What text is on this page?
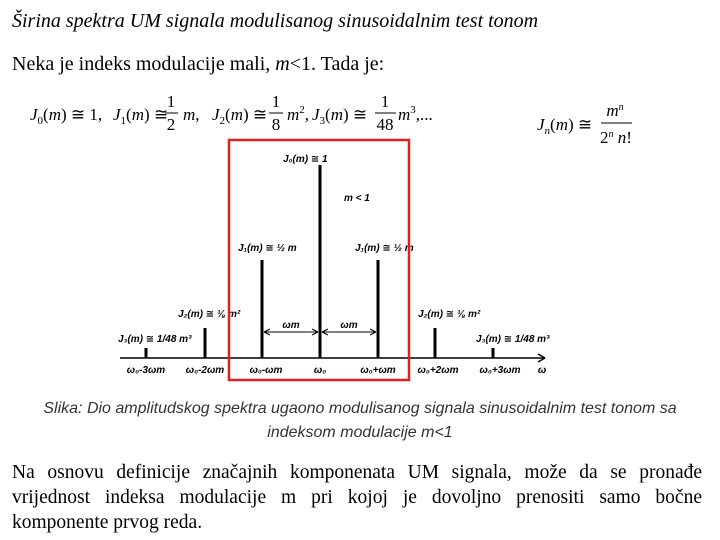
Širina spektra UM signala modulisanog sinusoidalnim test tonom
Neka je indeks modulacije mali, m<1. Tada je:
$J_0(m)$ ≅ 1, $J_1(m)$ ≅
1
2
m, $J_2(m)$ ≅
1
8
$m^2$, $J_3(m)$ ≅
1
48
$m^3$,...
$J_n(m)$ ≅
$m^n$
2$^n$ n!
J₀(m) ≅ 1
m < 1
J₁(m) ≅ ½ m	J₁(m) ≅ ½ m
J₂(m) ≅ ⅛ m²	J₂(m) ≅ ⅛ m²
J₃(m) ≅ 1/48 m³	J₃(m) ≅ 1/48 m³
ωm	ωm
ω₀-3ωm ω₀-2ωm	ω₀-ωm	ω₀	ω₀+ωm ω₀+2ωm ω₀+3ωm ω
Slika: Dio amplitudskog spektra ugaono modulisanog signala sinusoidalnim test tonom sa indeksom modulacije m<1
Na osnovu definicije značajnih komponenata UM signala, može da se pronađe vrijednost indeksa modulacije m pri kojoj je dovoljno prenositi samo bočne komponente prvog reda.
